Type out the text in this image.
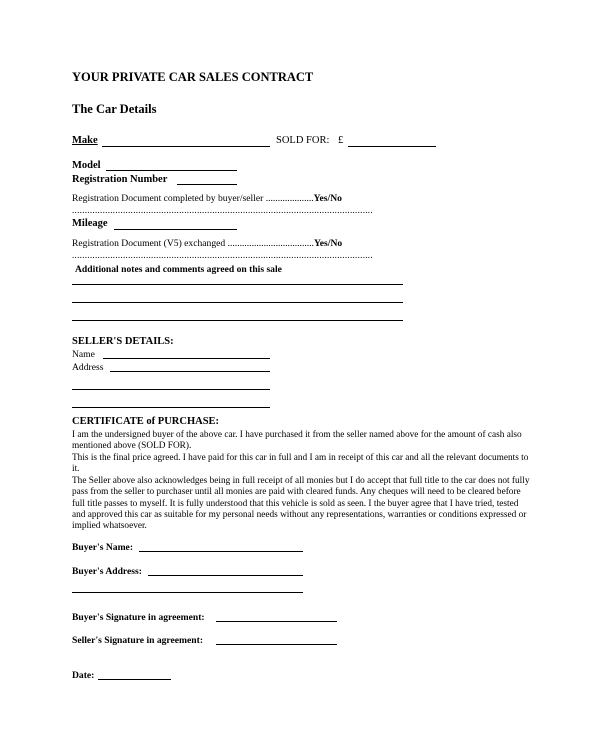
YOUR PRIVATE CAR SALES CONTRACT
The Car Details
Make	SOLD FOR: £
Model
Registration Number
Registration Document completed by buyer/seller ....................Yes/No
......................................................................................................................
Mileage
Registration Document (V5) exchanged ....................................Yes/No
......................................................................................................................
Additional notes and comments agreed on this sale
SELLER'S DETAILS:
Name
Address
CERTIFICATE of PURCHASE:
I am the undersigned buyer of the above car. I have purchased it from the seller named above for the amount of cash also mentioned above (SOLD FOR).
This is the final price agreed. I have paid for this car in full and I am in receipt of this car and all the relevant documents to it.
The Seller above also acknowledges being in full receipt of all monies but I do accept that full title to the car does not fully pass from the seller to purchaser until all monies are paid with cleared funds. Any cheques will need to be cleared before full title passes to myself. It is fully understood that this vehicle is sold as seen. I the buyer agree that I have tried, tested and approved this car as suitable for my personal needs without any representations, warranties or conditions expressed or implied whatsoever.
Buyer's Name:
Buyer's Address:
Buyer's Signature in agreement:
Seller's Signature in agreement:
Date:
